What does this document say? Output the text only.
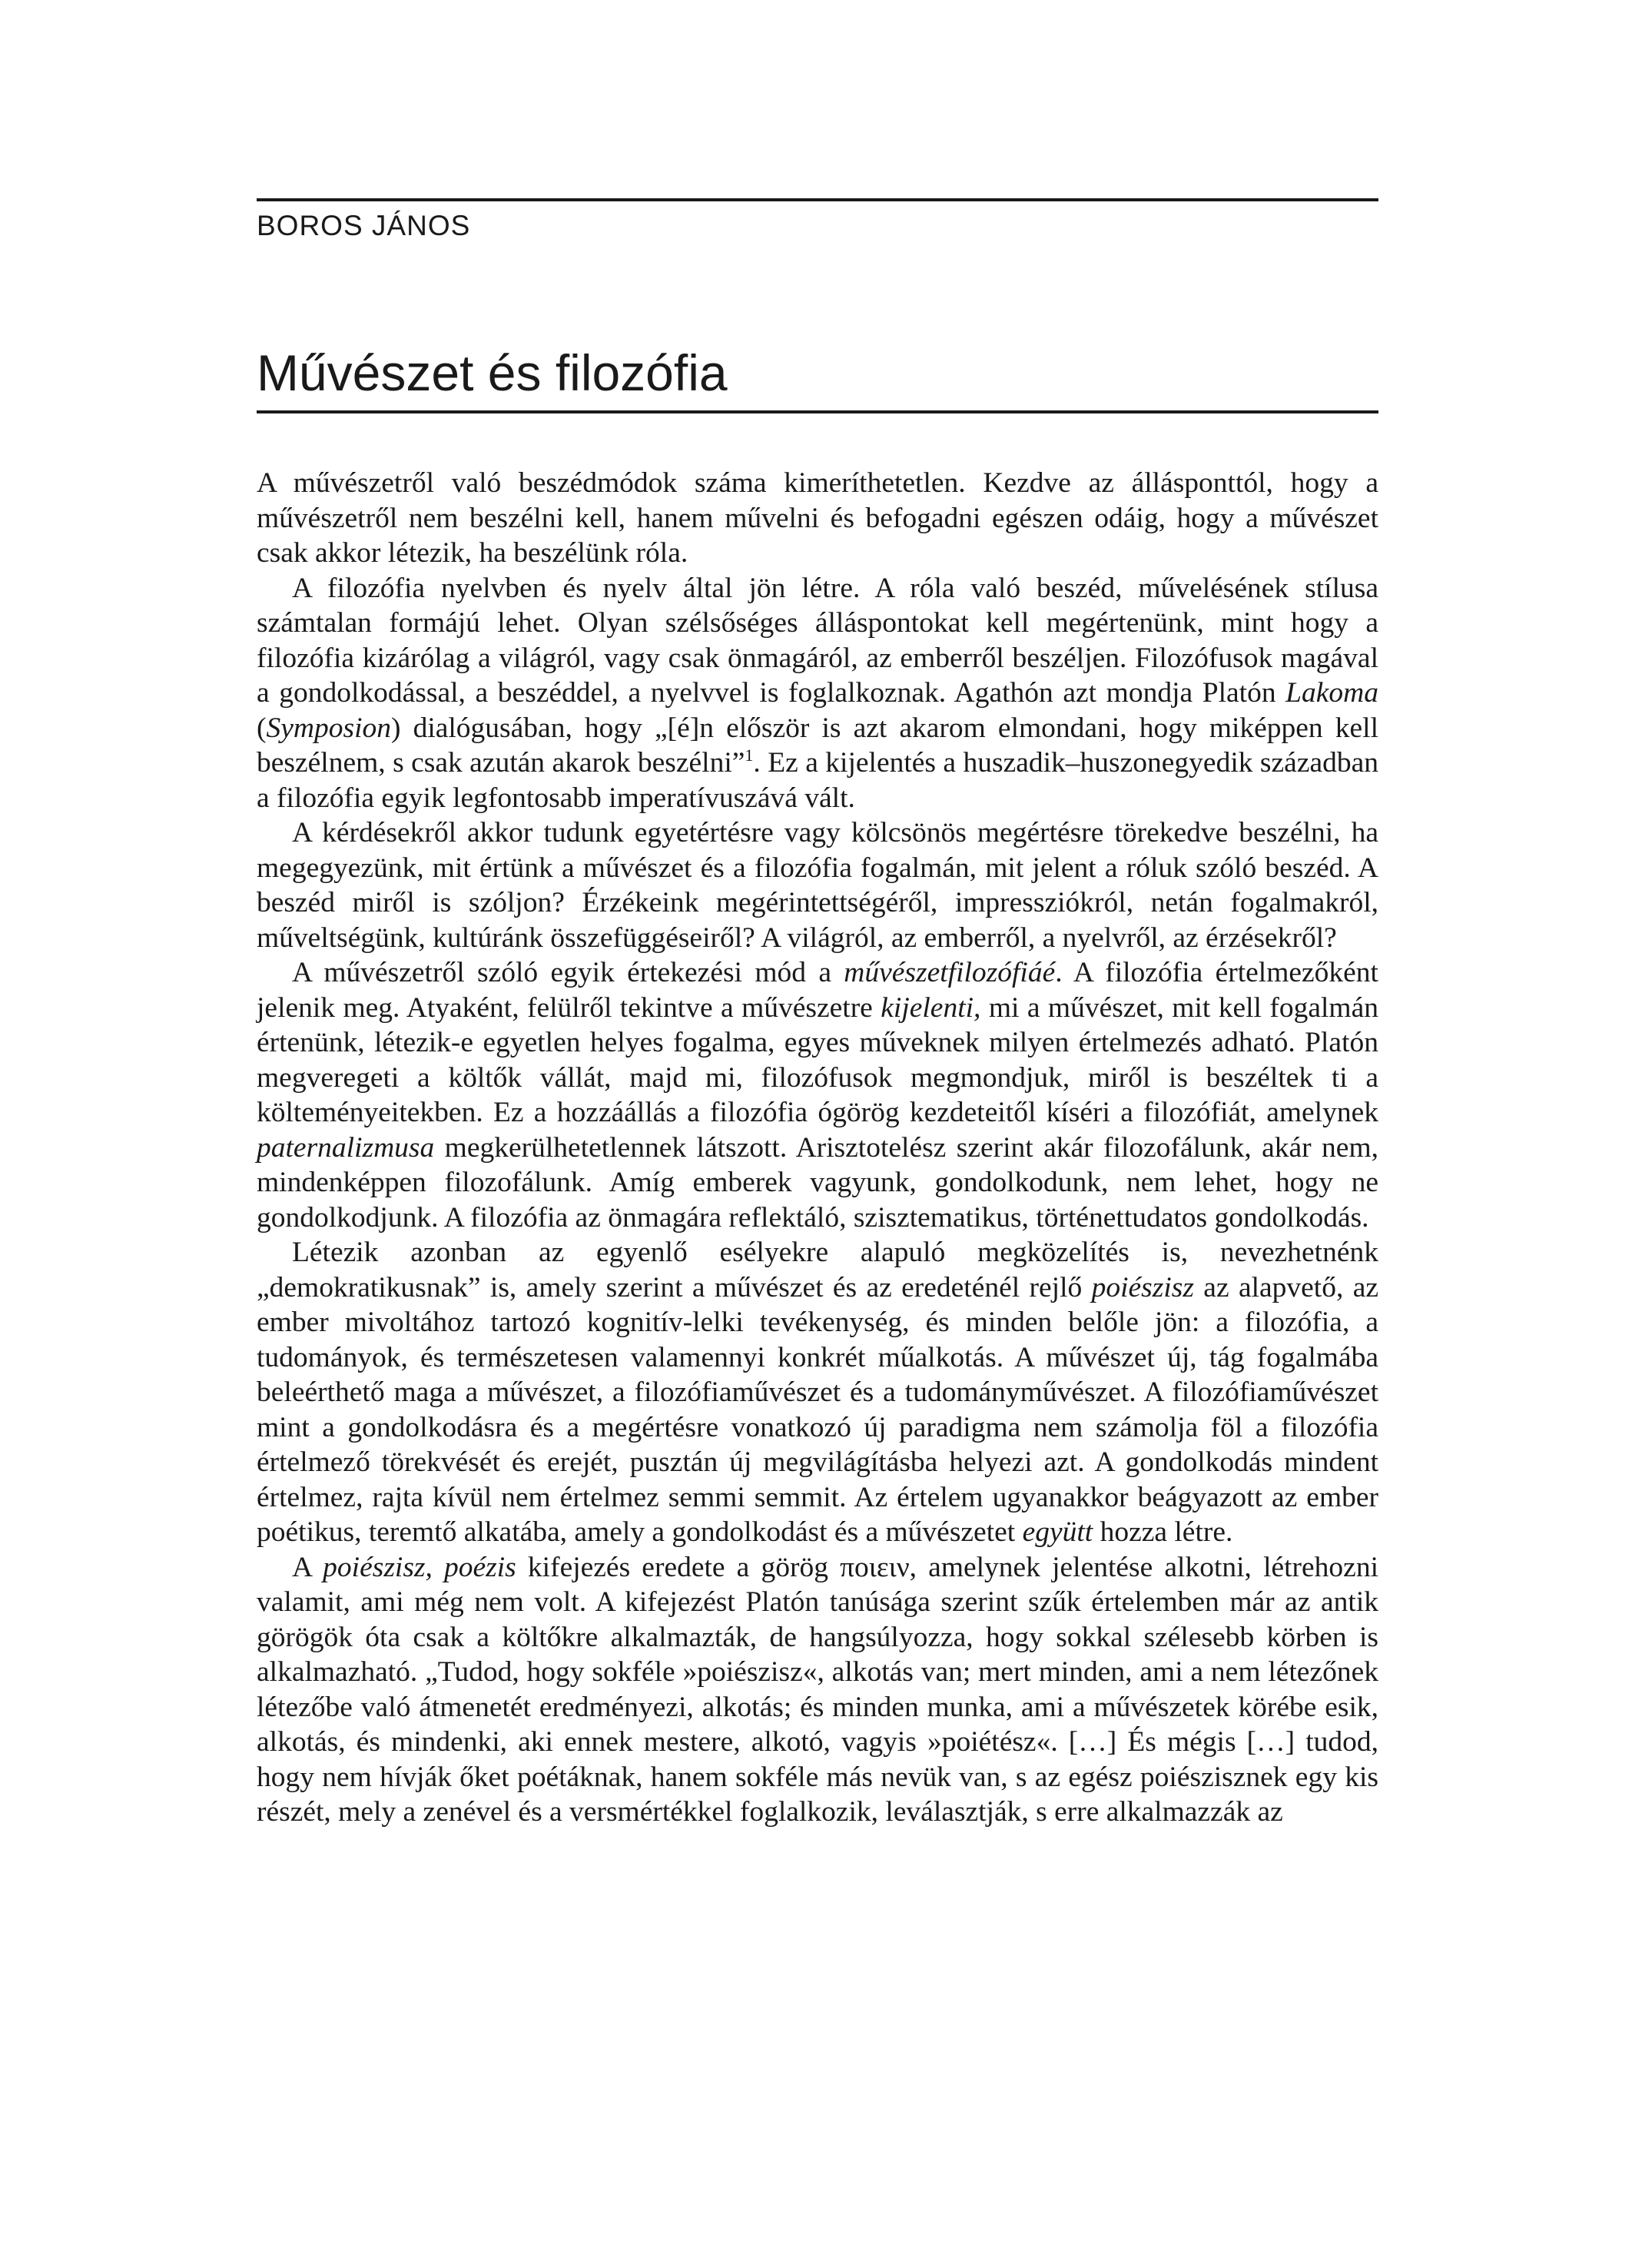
BOROS JÁNOS
Művészet és filozófia

A művészetről való beszédmódok száma kimeríthetetlen. Kezdve az állásponttól, hogy a művészetről nem beszélni kell, hanem művelni és befogadni egészen odáig, hogy a művészet csak akkor létezik, ha beszélünk róla.

A filozófia nyelvben és nyelv által jön létre. A róla való beszéd, művelésének stílusa számtalan formájú lehet. Olyan szélsőséges álláspontokat kell megértenünk, mint hogy a filozófia kizárólag a világról, vagy csak önmagáról, az emberről beszéljen. Filozófusok magával a gondolkodással, a beszéddel, a nyelvvel is foglalkoznak. Agathón azt mondja Platón Lakoma (Symposion) dialógusában, hogy „[é]n először is azt akarom elmondani, hogy miképpen kell beszélnem, s csak azután akarok beszélni”$^1$. Ez a kijelentés a huszadik–huszonegyedik században a filozófia egyik legfontosabb imperatívuszává vált.

A kérdésekről akkor tudunk egyetértésre vagy kölcsönös megértésre törekedve beszélni, ha megegyezünk, mit értünk a művészet és a filozófia fogalmán, mit jelent a róluk szóló beszéd. A beszéd miről is szóljon? Érzékeink megérintettségéről, impressziókról, netán fogalmakról, műveltségünk, kultúránk összefüggéseiről? A világról, az emberről, a nyelvről, az érzésekről?

A művészetről szóló egyik értekezési mód a művészetfilozófiáé. A filozófia értelmezőként jelenik meg. Atyaként, felülről tekintve a művészetre kijelenti, mi a művészet, mit kell fogalmán értenünk, létezik-e egyetlen helyes fogalma, egyes műveknek milyen értelmezés adható. Platón megveregeti a költők vállát, majd mi, filozófusok megmondjuk, miről is beszéltek ti a költeményeitekben. Ez a hozzáállás a filozófia ógörög kezdeteitől kíséri a filozófiát, amelynek paternalizmusa megkerülhetetlennek látszott. Arisztotelész szerint akár filozofálunk, akár nem, mindenképpen filozofálunk. Amíg emberek vagyunk, gondolkodunk, nem lehet, hogy ne gondolkodjunk. A filozófia az önmagára reflektáló, szisztematikus, történettudatos gondolkodás.

Létezik azonban az egyenlő esélyekre alapuló megközelítés is, nevezhetnénk „demokratikusnak” is, amely szerint a művészet és az eredeténél rejlő poiészisz az alapvető, az ember mivoltához tartozó kognitív-lelki tevékenység, és minden belőle jön: a filozófia, a tudományok, és természetesen valamennyi konkrét műalkotás. A művészet új, tág fogalmába beleérthető maga a művészet, a filozófiaművészet és a tudományművészet. A filozófiaművészet mint a gondolkodásra és a megértésre vonatkozó új paradigma nem számolja föl a filozófia értelmező törekvését és erejét, pusztán új megvilágításba helyezi azt. A gondolkodás mindent értelmez, rajta kívül nem értelmez semmi semmit. Az értelem ugyanakkor beágyazott az ember poétikus, teremtő alkatába, amely a gondolkodást és a művészetet együtt hozza létre.

A poiészisz, poézis kifejezés eredete a görög ποιειν, amelynek jelentése alkotni, létrehozni valamit, ami még nem volt. A kifejezést Platón tanúsága szerint szűk értelemben már az antik görögök óta csak a költőkre alkalmazták, de hangsúlyozza, hogy sokkal szélesebb körben is alkalmazható. „Tudod, hogy sokféle »poiészisz«, alkotás van; mert minden, ami a nem létezőnek létezőbe való átmenetét eredményezi, alkotás; és minden munka, ami a művészetek körébe esik, alkotás, és mindenki, aki ennek mestere, alkotó, vagyis »poiétész«. […] És mégis […] tudod, hogy nem hívják őket poétáknak, hanem sokféle más nevük van, s az egész poiészisznek egy kis részét, mely a zenével és a versmértékkel foglalkozik, leválasztják, s erre alkalmazzák az
